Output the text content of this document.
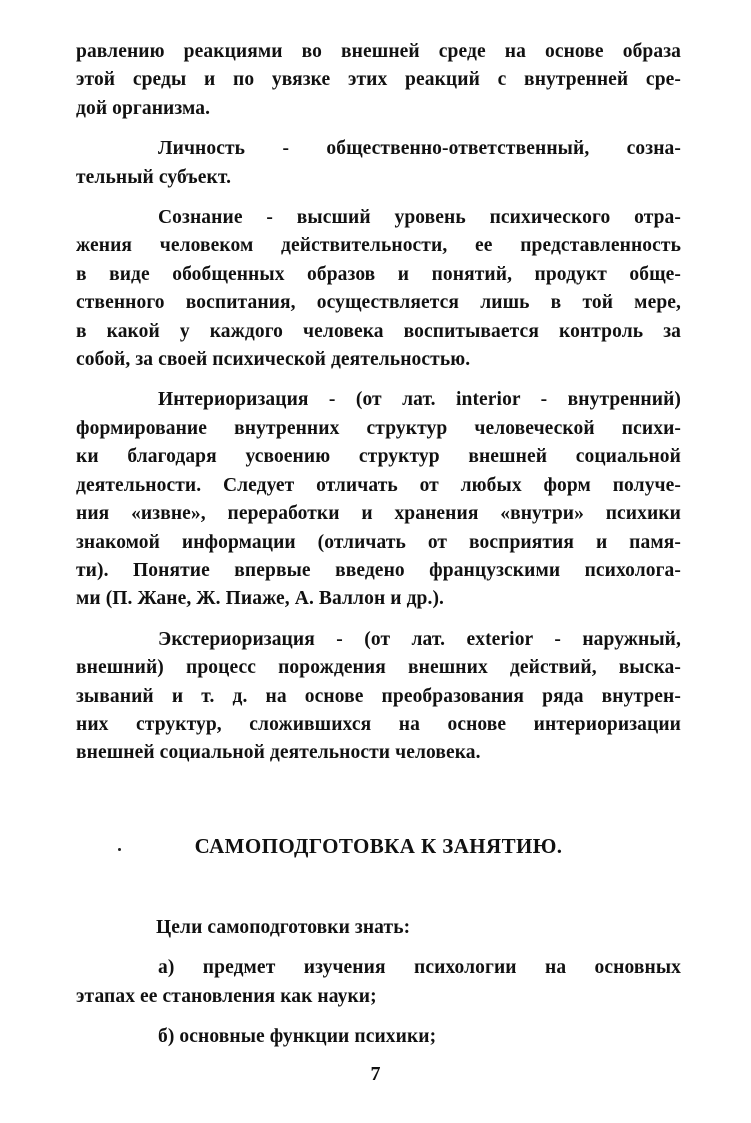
равлению реакциями во внешней среде на основе образа
этой среды и по увязке этих реакций с внутренней сре-
дой организма.

Личность - общественно-ответственный, созна-
тельный субъект.

Сознание - высший уровень психического отра-
жения человеком действительности, ее представленность
в виде обобщенных образов и понятий, продукт обще-
ственного воспитания, осуществляется лишь в той мере,
в какой у каждого человека воспитывается контроль за
собой, за своей психической деятельностью.

Интериоризация - (от лат. interior - внутренний)
формирование внутренних структур человеческой психи-
ки благодаря усвоению структур внешней социальной
деятельности. Следует отличать от любых форм получе-
ния «извне», переработки и хранения «внутри» психики
знакомой информации (отличать от восприятия и памя-
ти). Понятие впервые введено французскими психолога-
ми (П. Жане, Ж. Пиаже, А. Валлон и др.).

Экстериоризация - (от лат. exterior - наружный,
внешний) процесс порождения внешних действий, выска-
зываний и т. д. на основе преобразования ряда внутрен-
них структур, сложившихся на основе интериоризации
внешней социальной деятельности человека.

САМОПОДГОТОВКА К ЗАНЯТИЮ.

Цели самоподготовки знать:

а) предмет изучения психологии на основных
этапах ее становления как науки;

б) основные функции психики;

7
